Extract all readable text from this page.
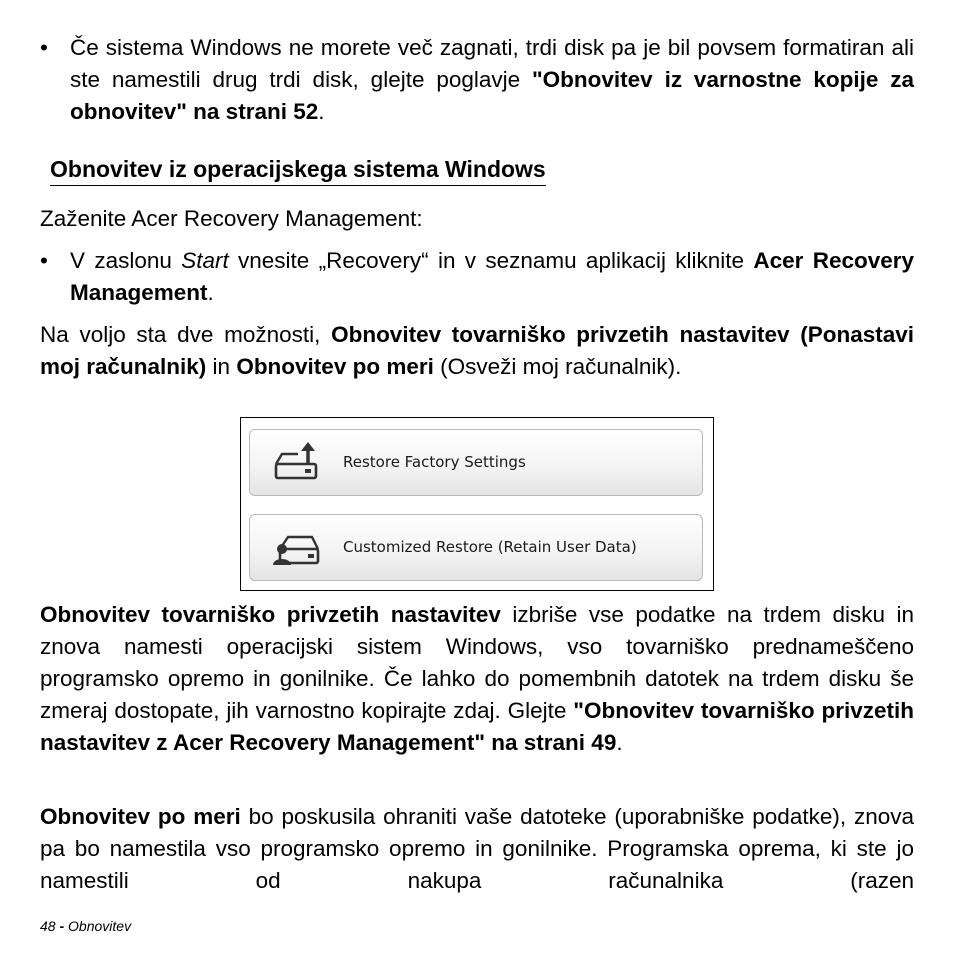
• Če sistema Windows ne morete več zagnati, trdi disk pa je bil povsem formatiran ali ste namestili drug trdi disk, glejte poglavje "Obnovitev iz varnostne kopije za obnovitev" na strani 52.

Obnovitev iz operacijskega sistema Windows

Zaženite Acer Recovery Management:

• V zaslonu Start vnesite „Recovery“ in v seznamu aplikacij kliknite Acer Recovery Management.

Na voljo sta dve možnosti, Obnovitev tovarniško privzetih nastavitev (Ponastavi moj računalnik) in Obnovitev po meri (Osveži moj računalnik).

Restore Factory Settings
Customized Restore (Retain User Data)

Obnovitev tovarniško privzetih nastavitev izbriše vse podatke na trdem disku in znova namesti operacijski sistem Windows, vso tovarniško prednameščeno programsko opremo in gonilnike. Če lahko do pomembnih datotek na trdem disku še zmeraj dostopate, jih varnostno kopirajte zdaj. Glejte "Obnovitev tovarniško privzetih nastavitev z Acer Recovery Management" na strani 49.

Obnovitev po meri bo poskusila ohraniti vaše datoteke (uporabniške podatke), znova pa bo namestila vso programsko opremo in gonilnike. Programska oprema, ki ste jo namestili od nakupa računalnika (razen

48 - Obnovitev
